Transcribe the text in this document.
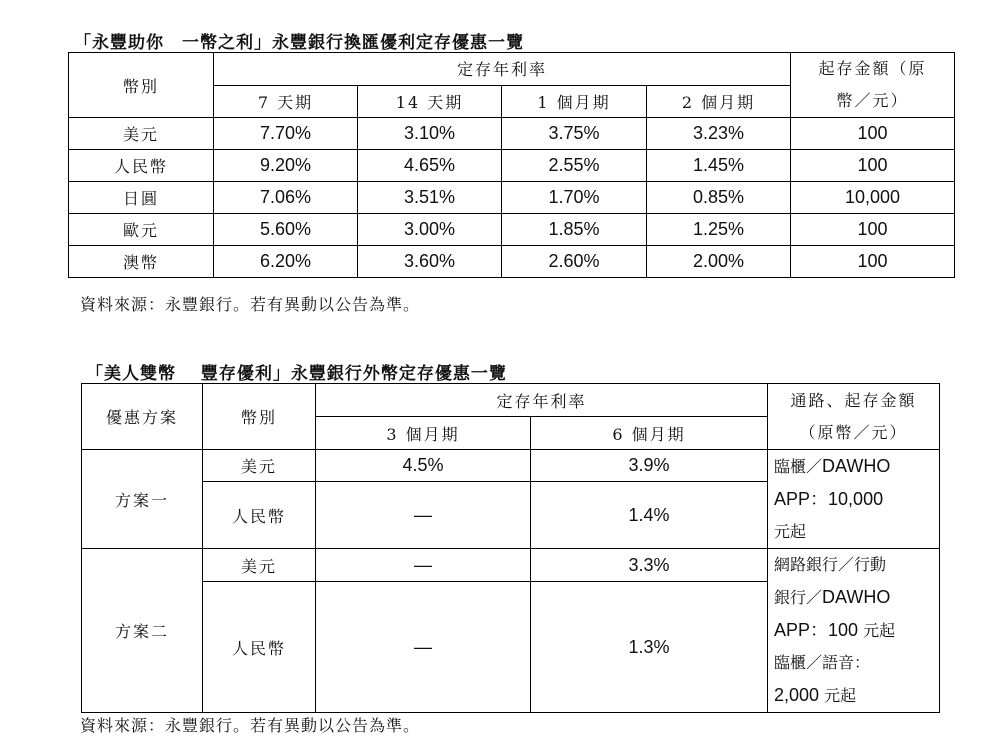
「永豐助你　一幣之利」永豐銀行換匯優利定存優惠一覽
幣別	定存年利率				起存金額（原
幣／元）

	7 天期	14 天期	1 個月期	2 個月期	
美元	7.70%	3.10%	3.75%	3.23%	100
人民幣	9.20%	4.65%	2.55%	1.45%	100
日圓	7.06%	3.51%	1.70%	0.85%	10,000
歐元	5.60%	3.00%	1.85%	1.25%	100
澳幣	6.20%	3.60%	2.60%	2.00%	100
資料來源：永豐銀行。若有異動以公告為準。
「美人雙幣　 豐存優利」永豐銀行外幣定存優惠一覽
優惠方案	幣別	定存年利率		通路、起存金額
（原幣／元）

		3 個月期	6 個月期	
方案一	美元	4.5%	3.9%	臨櫃／DAWHO
APP：10,000
元起

	人民幣	—	1.4%	
方案二	美元	—	3.3%	網路銀行／行動
銀行／DAWHO
APP：100 元起
臨櫃／語音：
2,000 元起

	人民幣	—	1.3%	
資料來源：永豐銀行。若有異動以公告為準。
